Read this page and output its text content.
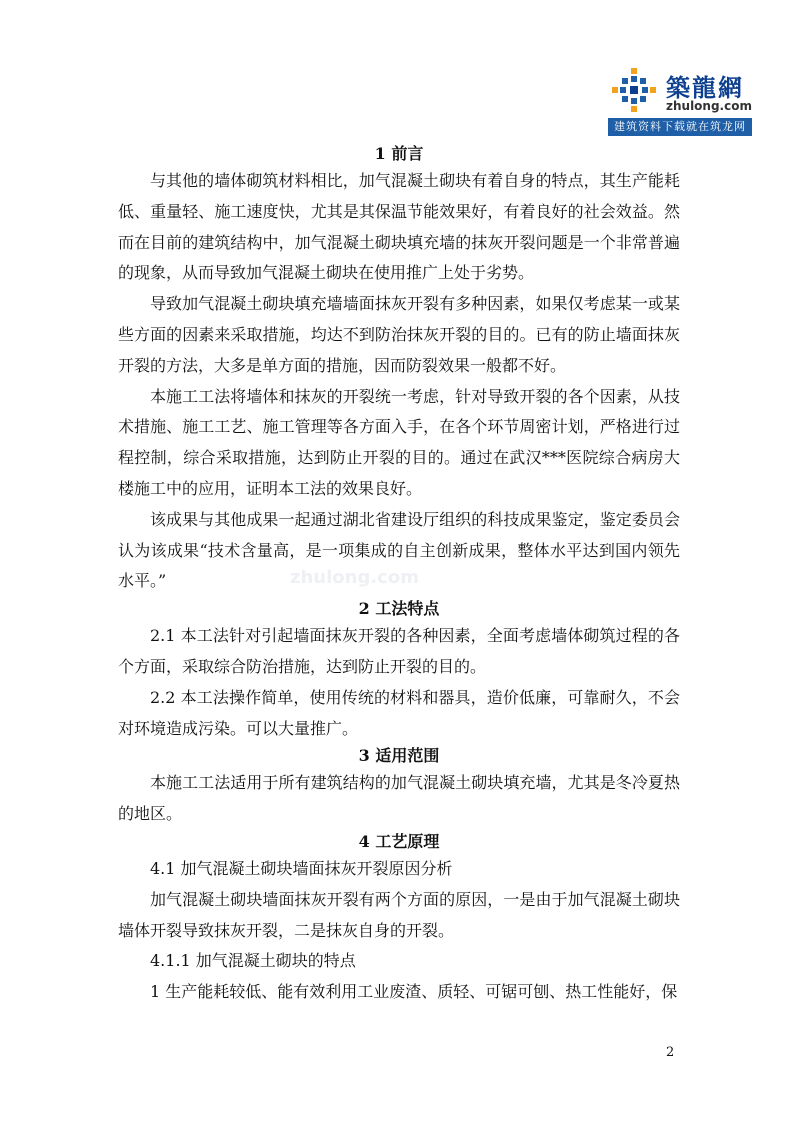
築龍網
zhulong.com
建筑资料下载就在筑龙网
zhulong.com
1 前言

与其他的墙体砌筑材料相比，加气混凝土砌块有着自身的特点，其生产能耗低、重量轻、施工速度快，尤其是其保温节能效果好，有着良好的社会效益。然而在目前的建筑结构中，加气混凝土砌块填充墙的抹灰开裂问题是一个非常普遍的现象，从而导致加气混凝土砌块在使用推广上处于劣势。

导致加气混凝土砌块填充墙墙面抹灰开裂有多种因素，如果仅考虑某一或某些方面的因素来采取措施，均达不到防治抹灰开裂的目的。已有的防止墙面抹灰开裂的方法，大多是单方面的措施，因而防裂效果一般都不好。

本施工工法将墙体和抹灰的开裂统一考虑，针对导致开裂的各个因素，从技术措施、施工工艺、施工管理等各方面入手，在各个环节周密计划，严格进行过程控制，综合采取措施，达到防止开裂的目的。通过在武汉***医院综合病房大楼施工中的应用，证明本工法的效果良好。

该成果与其他成果一起通过湖北省建设厅组织的科技成果鉴定，鉴定委员会认为该成果“技术含量高，是一项集成的自主创新成果，整体水平达到国内领先水平。”

2 工法特点

2.1 本工法针对引起墙面抹灰开裂的各种因素，全面考虑墙体砌筑过程的各个方面，采取综合防治措施，达到防止开裂的目的。

2.2 本工法操作简单，使用传统的材料和器具，造价低廉，可靠耐久，不会对环境造成污染。可以大量推广。

3 适用范围

本施工工法适用于所有建筑结构的加气混凝土砌块填充墙，尤其是冬冷夏热的地区。

4 工艺原理

4.1 加气混凝土砌块墙面抹灰开裂原因分析

加气混凝土砌块墙面抹灰开裂有两个方面的原因，一是由于加气混凝土砌块墙体开裂导致抹灰开裂，二是抹灰自身的开裂。

4.1.1 加气混凝土砌块的特点

1 生产能耗较低、能有效利用工业废渣、质轻、可锯可刨、热工性能好，保

2
